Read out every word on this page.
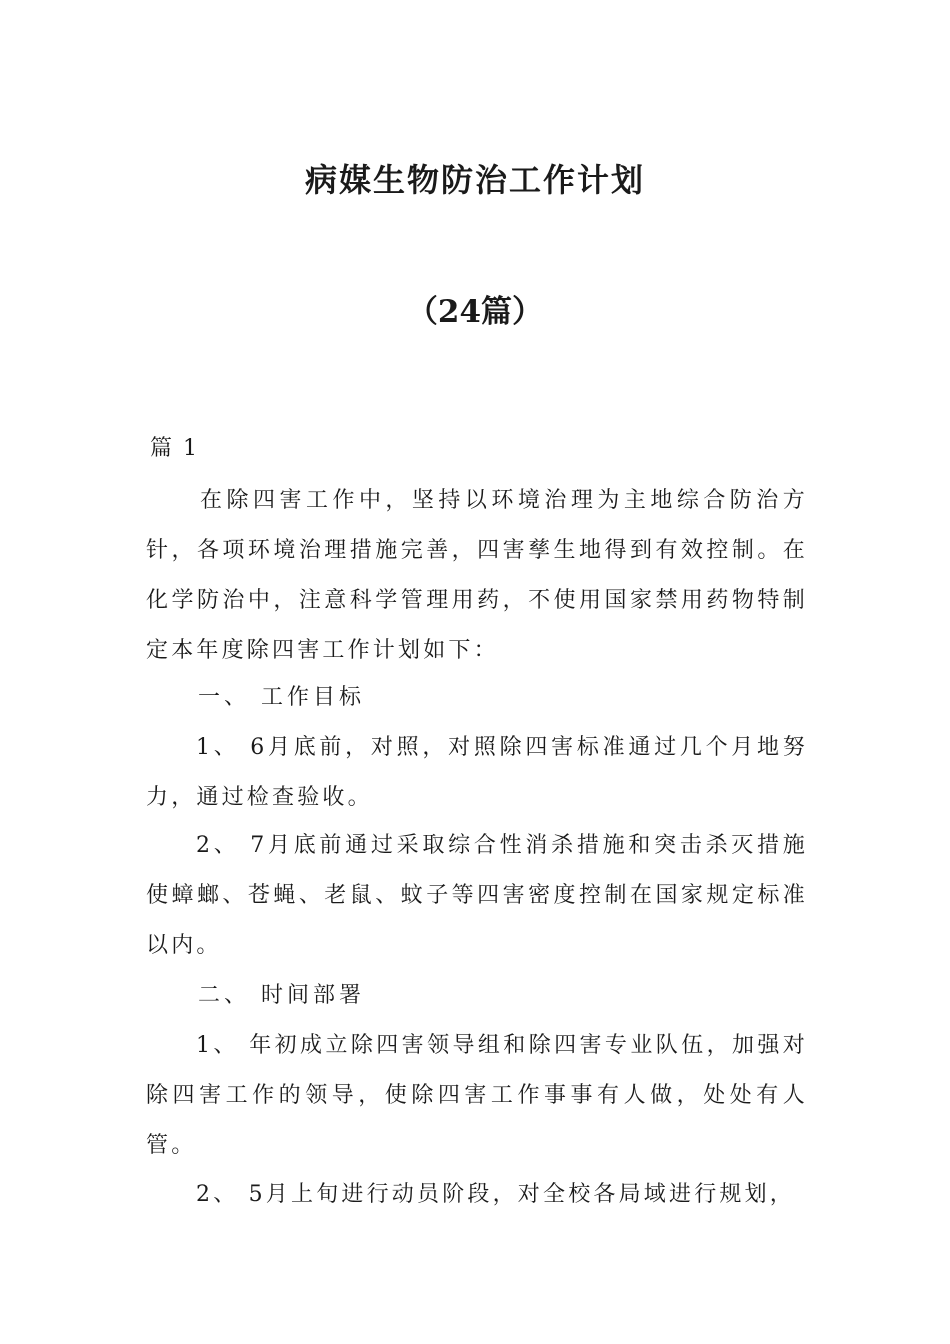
病媒生物防治工作计划
（24篇）
篇 1
在除四害工作中，坚持以环境治理为主地综合防治方针，各项环境治理措施完善，四害孳生地得到有效控制。在化学防治中，注意科学管理用药，不使用国家禁用药物特制定本年度除四害工作计划如下：
一、 工作目标
1、 6月底前，对照，对照除四害标准通过几个月地努力，通过检查验收。
2、 7月底前通过采取综合性消杀措施和突击杀灭措施使蟑螂、苍蝇、老鼠、蚊子等四害密度控制在国家规定标准以内。
二、 时间部署
1、 年初成立除四害领导组和除四害专业队伍，加强对除四害工作的领导，使除四害工作事事有人做，处处有人管。
2、 5月上旬进行动员阶段，对全校各局域进行规划，
